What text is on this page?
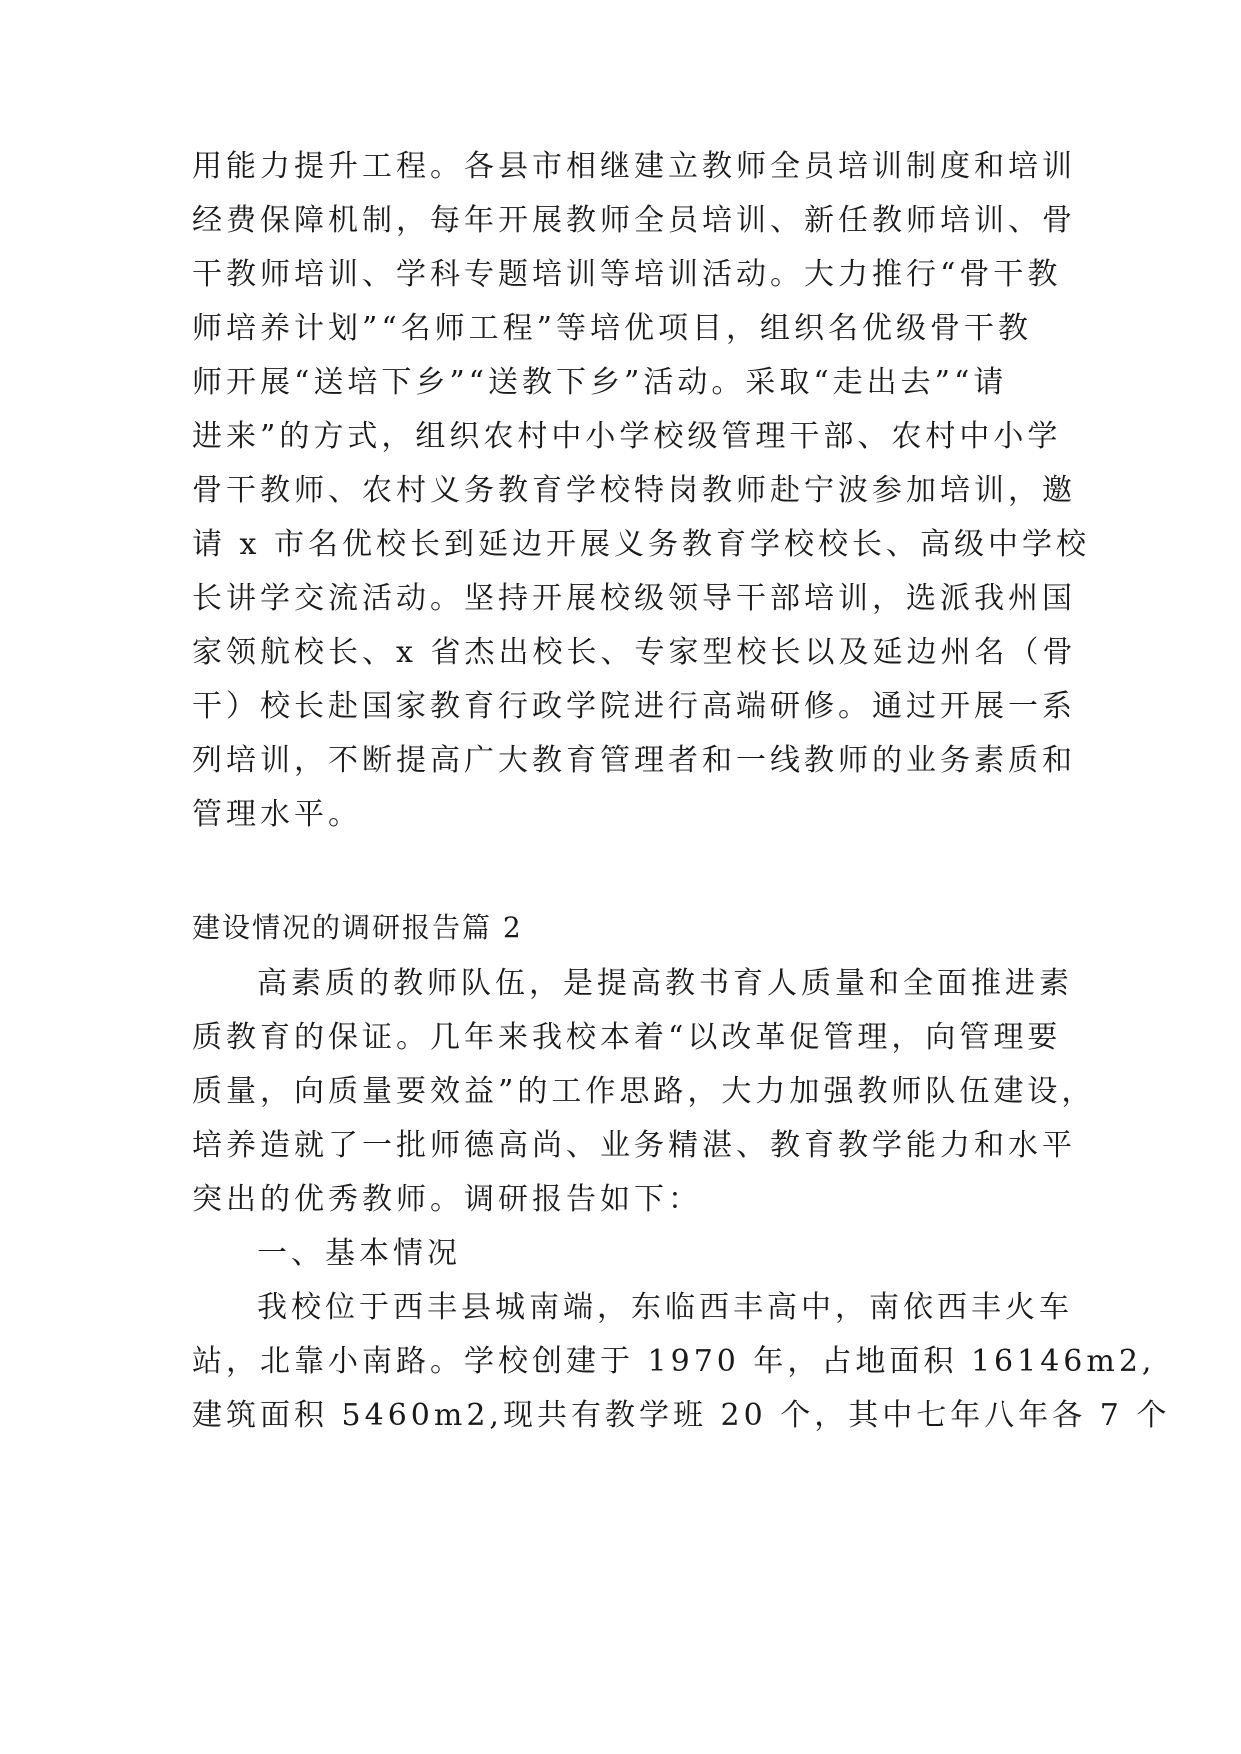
用能力提升工程。各县市相继建立教师全员培训制度和培训
经费保障机制，每年开展教师全员培训、新任教师培训、骨
干教师培训、学科专题培训等培训活动。大力推行“骨干教
师培养计划”“名师工程”等培优项目，组织名优级骨干教
师开展“送培下乡”“送教下乡”活动。采取“走出去”“请
进来”的方式，组织农村中小学校级管理干部、农村中小学
骨干教师、农村义务教育学校特岗教师赴宁波参加培训，邀
请 x 市名优校长到延边开展义务教育学校校长、高级中学校
长讲学交流活动。坚持开展校级领导干部培训，选派我州国
家领航校长、x 省杰出校长、专家型校长以及延边州名（骨
干）校长赴国家教育行政学院进行高端研修。通过开展一系
列培训，不断提高广大教育管理者和一线教师的业务素质和
管理水平。
建设情况的调研报告篇 2
高素质的教师队伍，是提高教书育人质量和全面推进素
质教育的保证。几年来我校本着“以改革促管理，向管理要
质量，向质量要效益”的工作思路，大力加强教师队伍建设，
培养造就了一批师德高尚、业务精湛、教育教学能力和水平
突出的优秀教师。调研报告如下：
一、基本情况
我校位于西丰县城南端，东临西丰高中，南依西丰火车
站，北靠小南路。学校创建于 1970 年，占地面积 16146m2,
建筑面积 5460m2,现共有教学班 20 个，其中七年八年各 7 个
